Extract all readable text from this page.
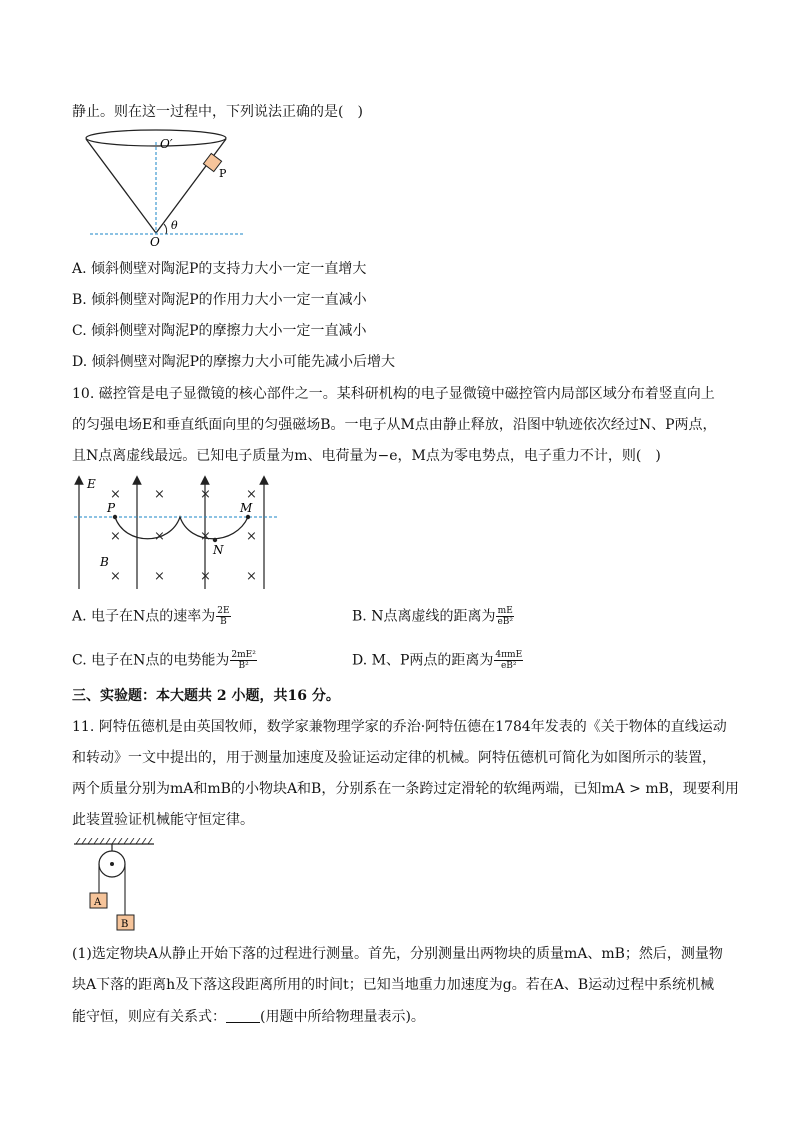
静止。则在这一过程中，下列说法正确的是(　)
O′
P
θ
O
A. 倾斜侧壁对陶泥P的支持力大小一定一直增大
B. 倾斜侧壁对陶泥P的作用力大小一定一直减小
C. 倾斜侧壁对陶泥P的摩擦力大小一定一直减小
D. 倾斜侧壁对陶泥P的摩擦力大小可能先减小后增大
10. 磁控管是电子显微镜的核心部件之一。某科研机构的电子显微镜中磁控管内局部区域分布着竖直向上
的匀强电场E和垂直纸面向里的匀强磁场B。一电子从M点由静止释放，沿图中轨迹依次经过N、P两点，
且N点离虚线最远。已知电子质量为m、电荷量为−e，M点为零电势点，电子重力不计，则(　)
×	×	×	×
×	×	×	×
×	×	×	×
E
P	M
N
B
A. 电子在N点的速率为 $\frac{2E}{B}$	B. N点离虚线的距离为 $\frac{mE}{\text{eB²}}$
C. 电子在N点的电势能为 $\frac{\text{2mE²}}{\text{B²}}$	D. M、P两点的距离为 $\frac{\text{4πmE}}{\text{eB²}}$
三、实验题：本大题共 2 小题，共16 分。
11. 阿特伍德机是由英国牧师，数学家兼物理学家的乔治·阿特伍德在1784年发表的《关于物体的直线运动
和转动》一文中提出的，用于测量加速度及验证运动定律的机械。阿特伍德机可简化为如图所示的装置，
两个质量分别为mA和mB的小物块A和B，分别系在一条跨过定滑轮的软绳两端，已知mA > mB，现要利用
此装置验证机械能守恒定律。
A
B
(1)选定物块A从静止开始下落的过程进行测量。首先，分别测量出两物块的质量mA、mB；然后，测量物
块A下落的距离h及下落这段距离所用的时间t；已知当地重力加速度为g。若在A、B运动过程中系统机械
能守恒，则应有关系式： (用题中所给物理量表示)。
